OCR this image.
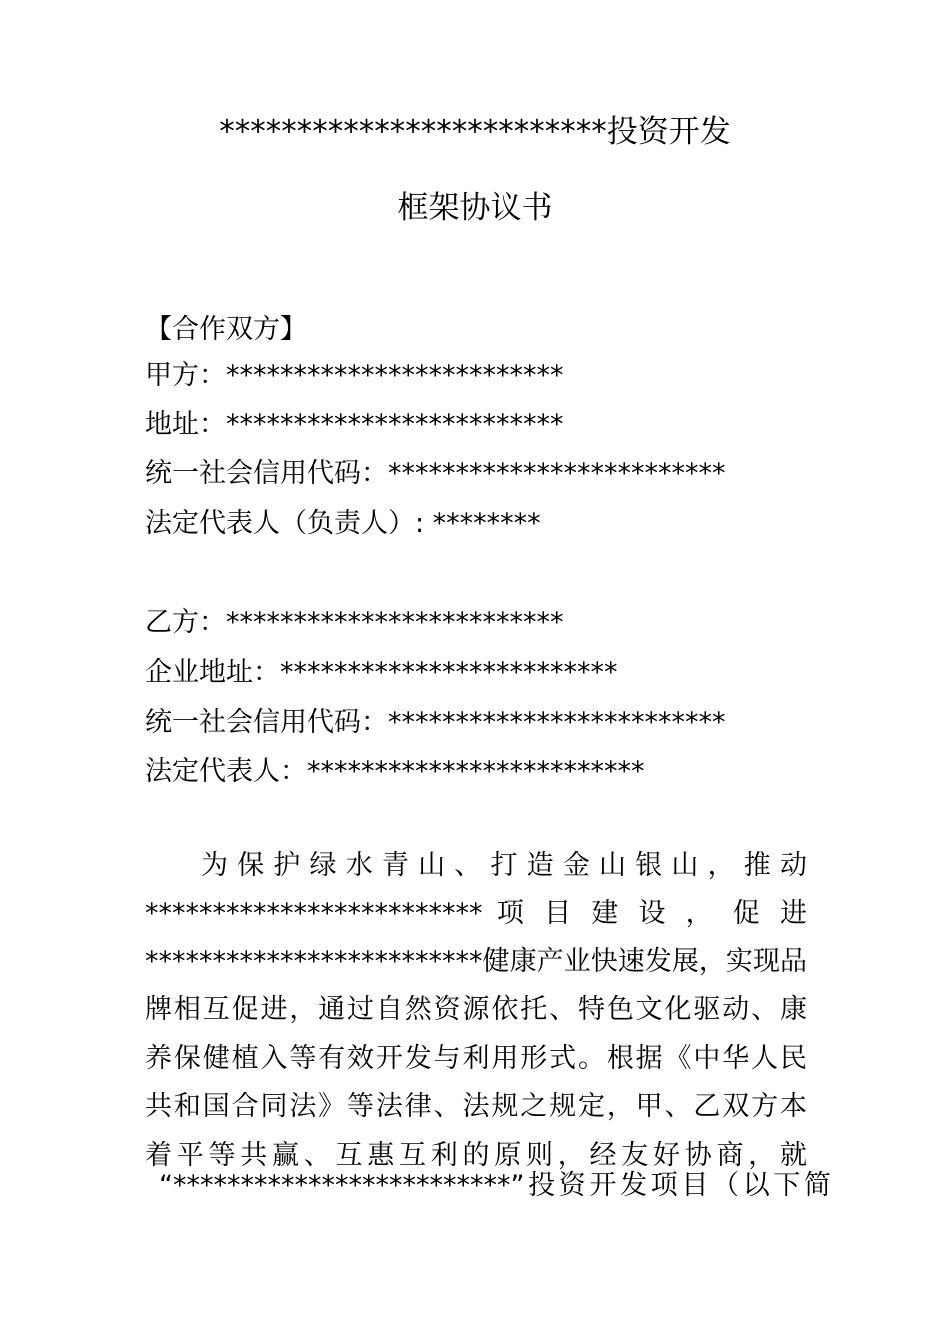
*************************投资开发
框架协议书
【合作双方】
甲方：*************************
地址：*************************
统一社会信用代码：*************************
法定代表人（负责人）: ********
乙方：*************************
企业地址：*************************
统一社会信用代码：*************************
法定代表人：*************************
为保护绿水青山、打造金山银山，推动
************************* 项 目 建 设 ， 促 进
*************************健康产业快速发展，实现品
牌相互促进，通过自然资源依托、特色文化驱动、康
养保健植入等有效开发与利用形式。根据《中华人民
共和国合同法》等法律、法规之规定，甲、乙双方本
着平等共赢、互惠互利的原则，经友好协商，就
“*************************”投资开发项目（以下简
